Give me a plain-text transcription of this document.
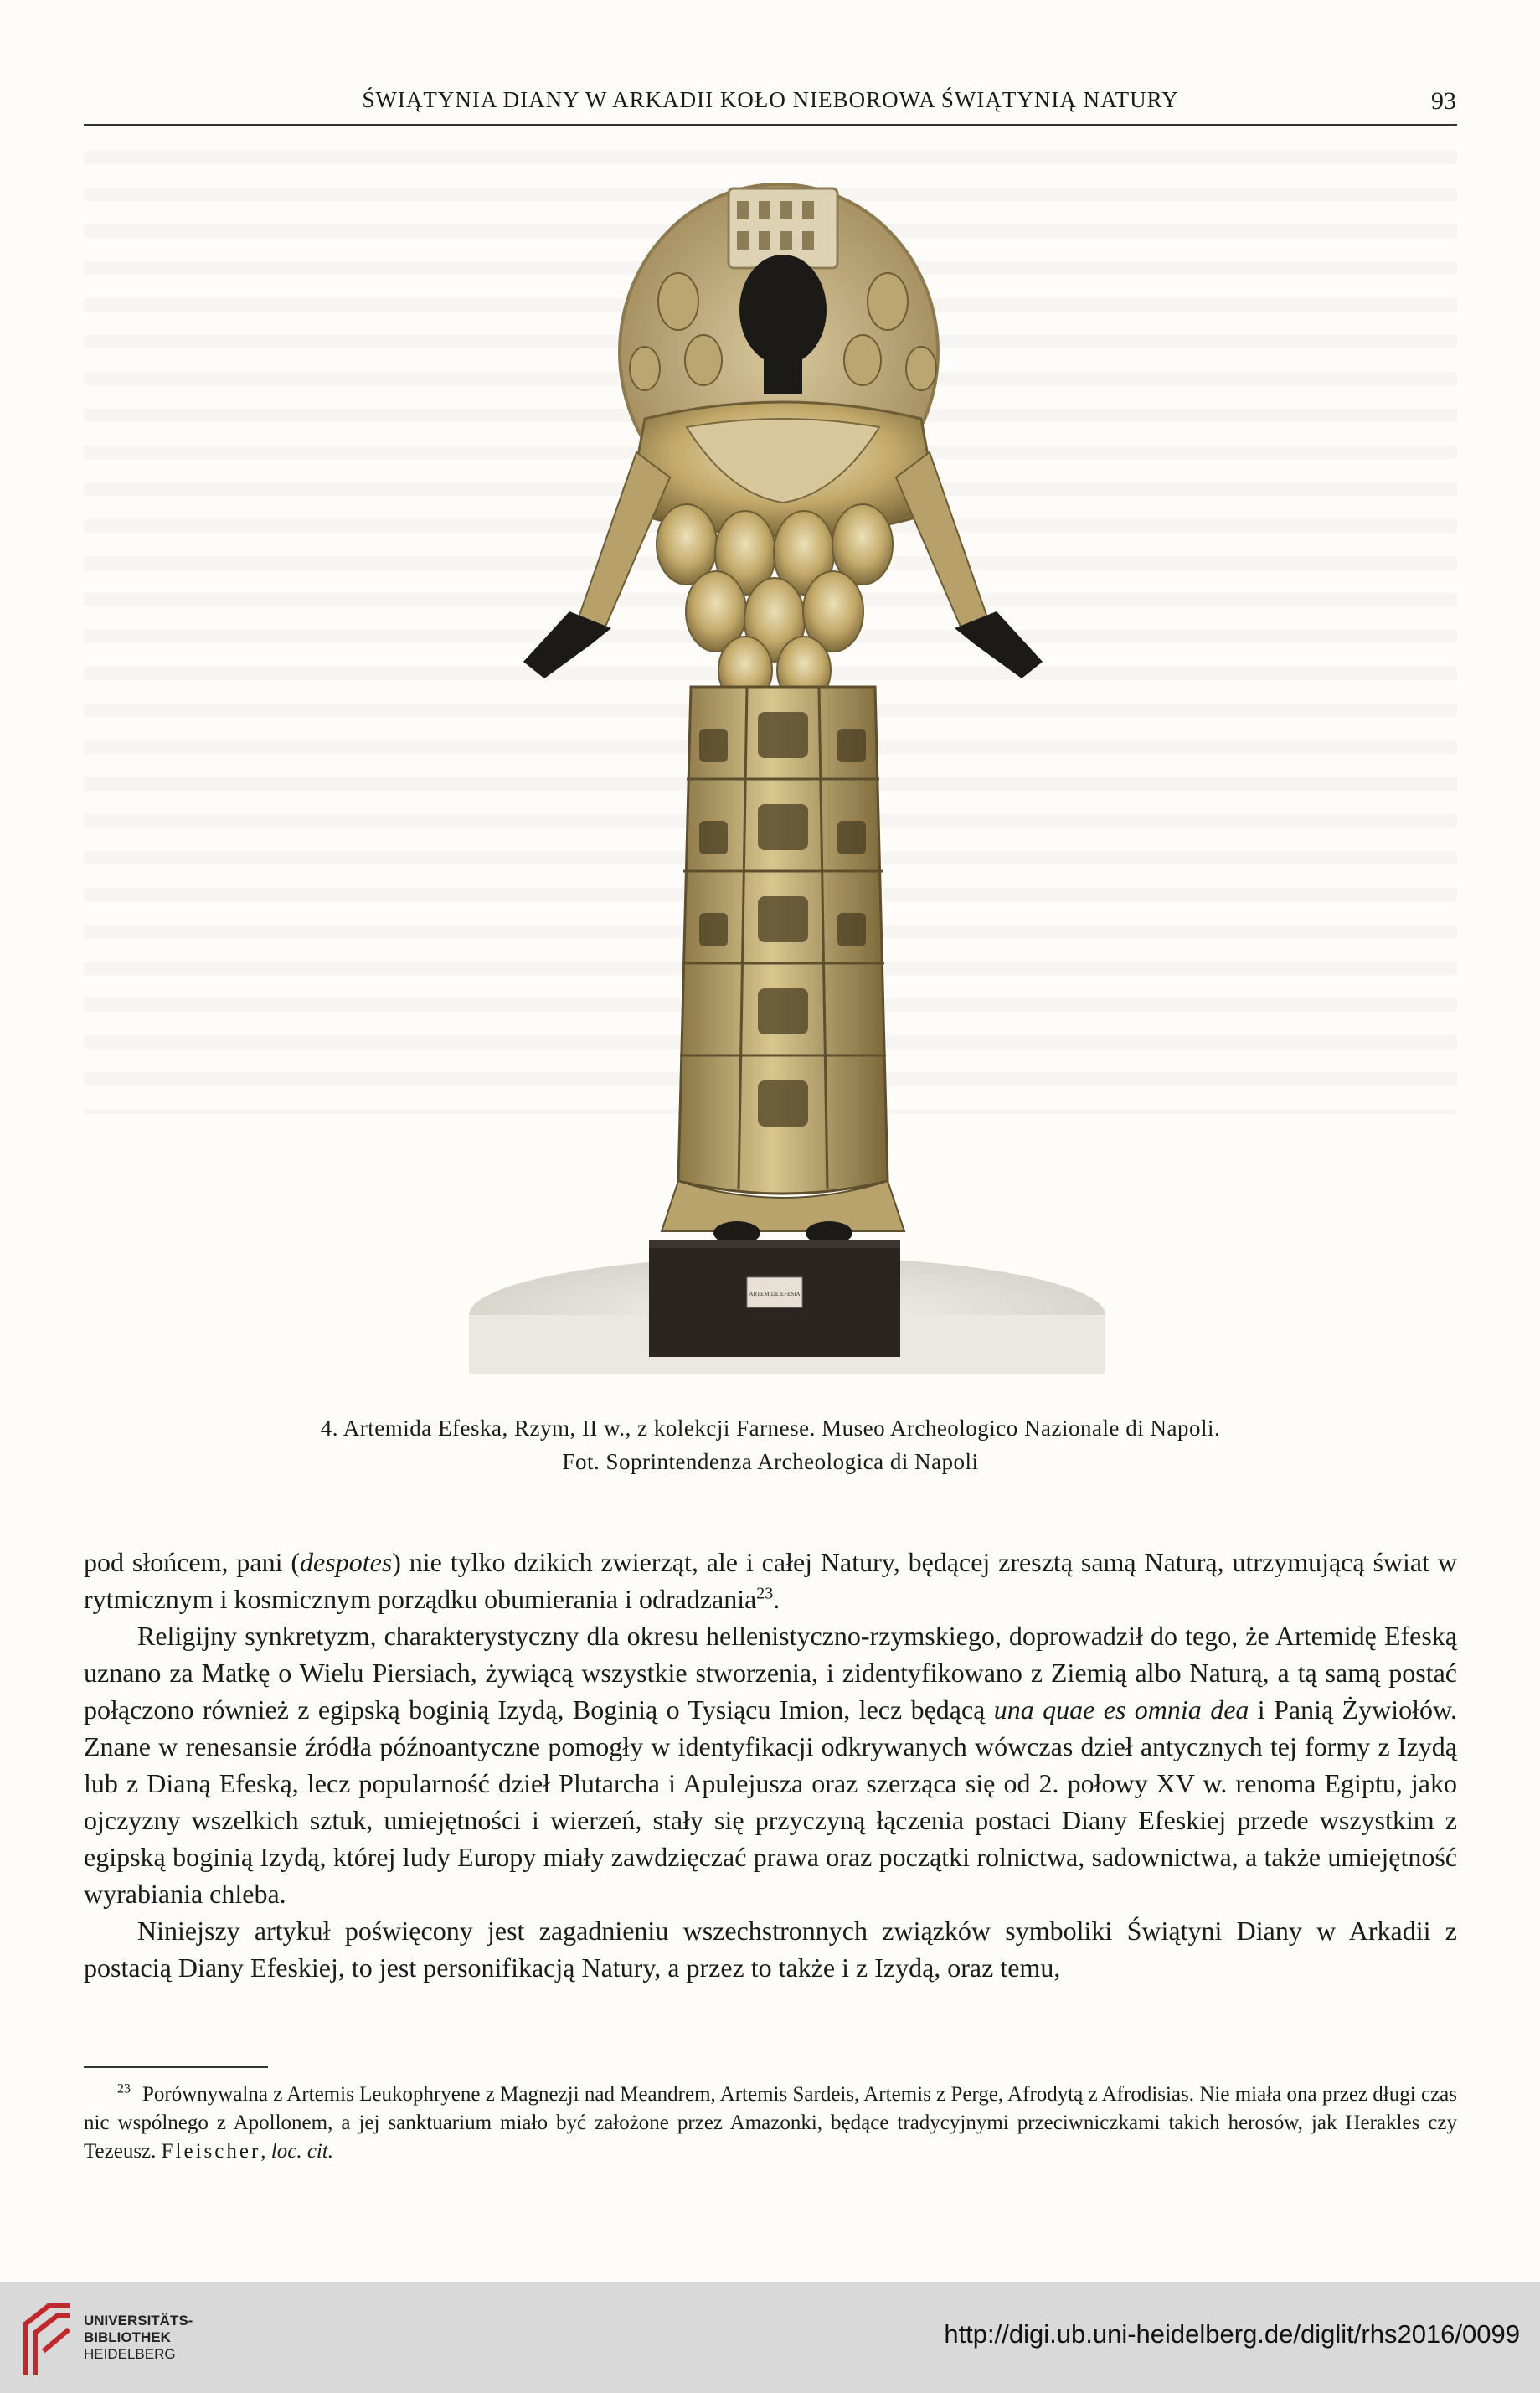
ŚWIĄTYNIA DIANY W ARKADII KOŁO NIEBOROWA ŚWIĄTYNIĄ NATURY	93
ARTEMIDE EFESIA
4. Artemida Efeska, Rzym, II w., z kolekcji Farnese. Museo Archeologico Nazionale di Napoli.
Fot. Soprintendenza Archeologica di Napoli

pod słońcem, pani (despotes) nie tylko dzikich zwierząt, ale i całej Natury, będącej zresztą samą Naturą, utrzymującą świat w rytmicznym i kosmicznym porządku obumierania i odradzania$^{23}$.

Religijny synkretyzm, charakterystyczny dla okresu hellenistyczno-rzymskiego, doprowadził do tego, że Artemidę Efeską uznano za Matkę o Wielu Piersiach, żywiącą wszystkie stworzenia, i zidentyfikowano z Ziemią albo Naturą, a tą samą postać połączono również z egipską boginią Izydą, Boginią o Tysiącu Imion, lecz będącą una quae es omnia dea i Panią Żywiołów. Znane w renesansie źródła późnoantyczne pomogły w identyfikacji odkrywanych wówczas dzieł antycznych tej formy z Izydą lub z Dianą Efeską, lecz popularność dzieł Plutarcha i Apulejusza oraz szerząca się od 2. połowy XV w. renoma Egiptu, jako ojczyzny wszelkich sztuk, umiejętności i wierzeń, stały się przyczyną łączenia postaci Diany Efeskiej przede wszystkim z egipską boginią Izydą, której ludy Europy miały zawdzięczać prawa oraz początki rolnictwa, sadownictwa, a także umiejętność wyrabiania chleba.

Niniejszy artykuł poświęcony jest zagadnieniu wszechstronnych związków symboliki Świątyni Diany w Arkadii z postacią Diany Efeskiej, to jest personifikacją Natury, a przez to także i z Izydą, oraz temu,

$^{23}$ Porównywalna z Artemis Leukophryene z Magnezji nad Meandrem, Artemis Sardeis, Artemis z Perge, Afrodytą z Afrodisias. Nie miała ona przez długi czas nic wspólnego z Apollonem, a jej sanktuarium miało być założone przez Amazonki, będące tradycyjnymi przeciwniczkami takich herosów, jak Herakles czy Tezeusz. Fleischer, loc. cit.
UNIVERSITÄTS-
BIBLIOTHEK
HEIDELBERG
http://digi.ub.uni-heidelberg.de/diglit/rhs2016/0099
